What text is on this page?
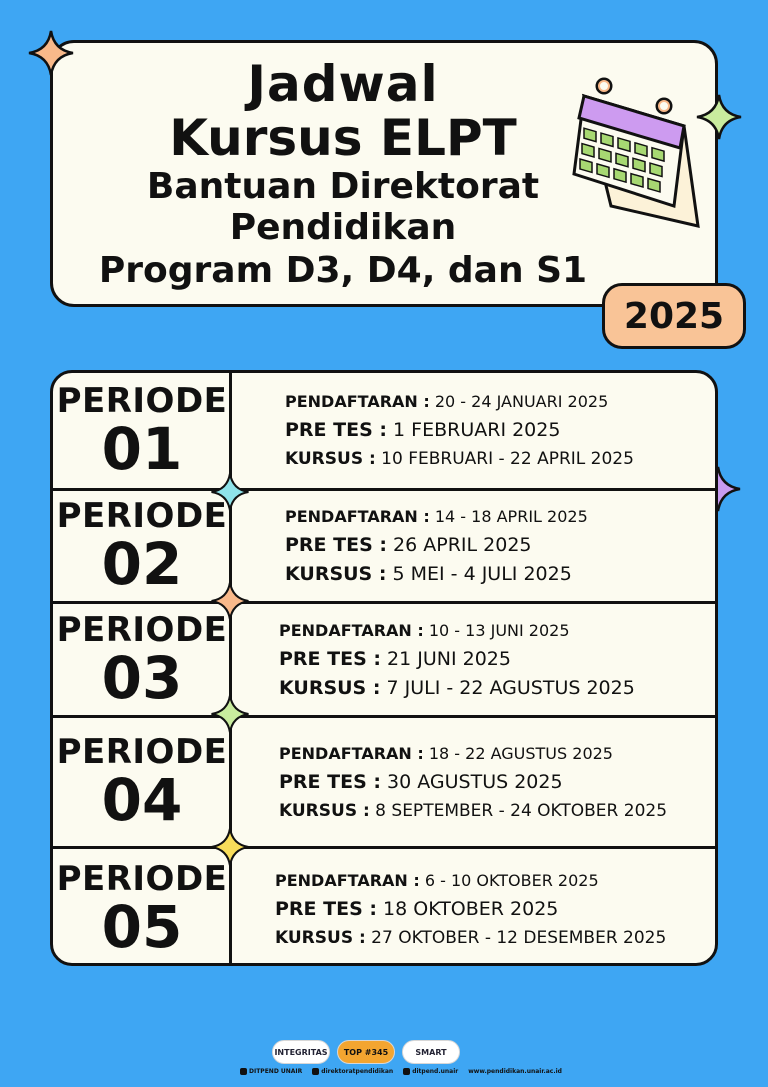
Jadwal
Kursus ELPT
Bantuan Direktorat
Pendidikan
Program D3, D4, dan S1
2025
PERIODE
01
PENDAFTARAN : 20 - 24 JANUARI 2025
PRE TES : 1 FEBRUARI 2025
KURSUS : 10 FEBRUARI - 22 APRIL 2025
PERIODE
02
PENDAFTARAN : 14 - 18 APRIL 2025
PRE TES : 26 APRIL 2025
KURSUS : 5 MEI - 4 JULI 2025
PERIODE
03
PENDAFTARAN : 10 - 13 JUNI 2025
PRE TES : 21 JUNI 2025
KURSUS : 7 JULI - 22 AGUSTUS 2025
PERIODE
04
PENDAFTARAN : 18 - 22 AGUSTUS 2025
PRE TES : 30 AGUSTUS 2025
KURSUS : 8 SEPTEMBER - 24 OKTOBER 2025
PERIODE
05
PENDAFTARAN : 6 - 10 OKTOBER 2025
PRE TES : 18 OKTOBER 2025
KURSUS : 27 OKTOBER - 12 DESEMBER 2025
INTEGRITAS	TOP #345	SMART
DITPEND UNAIR	direktoratpendidikan	ditpend.unair www.pendidikan.unair.ac.id
